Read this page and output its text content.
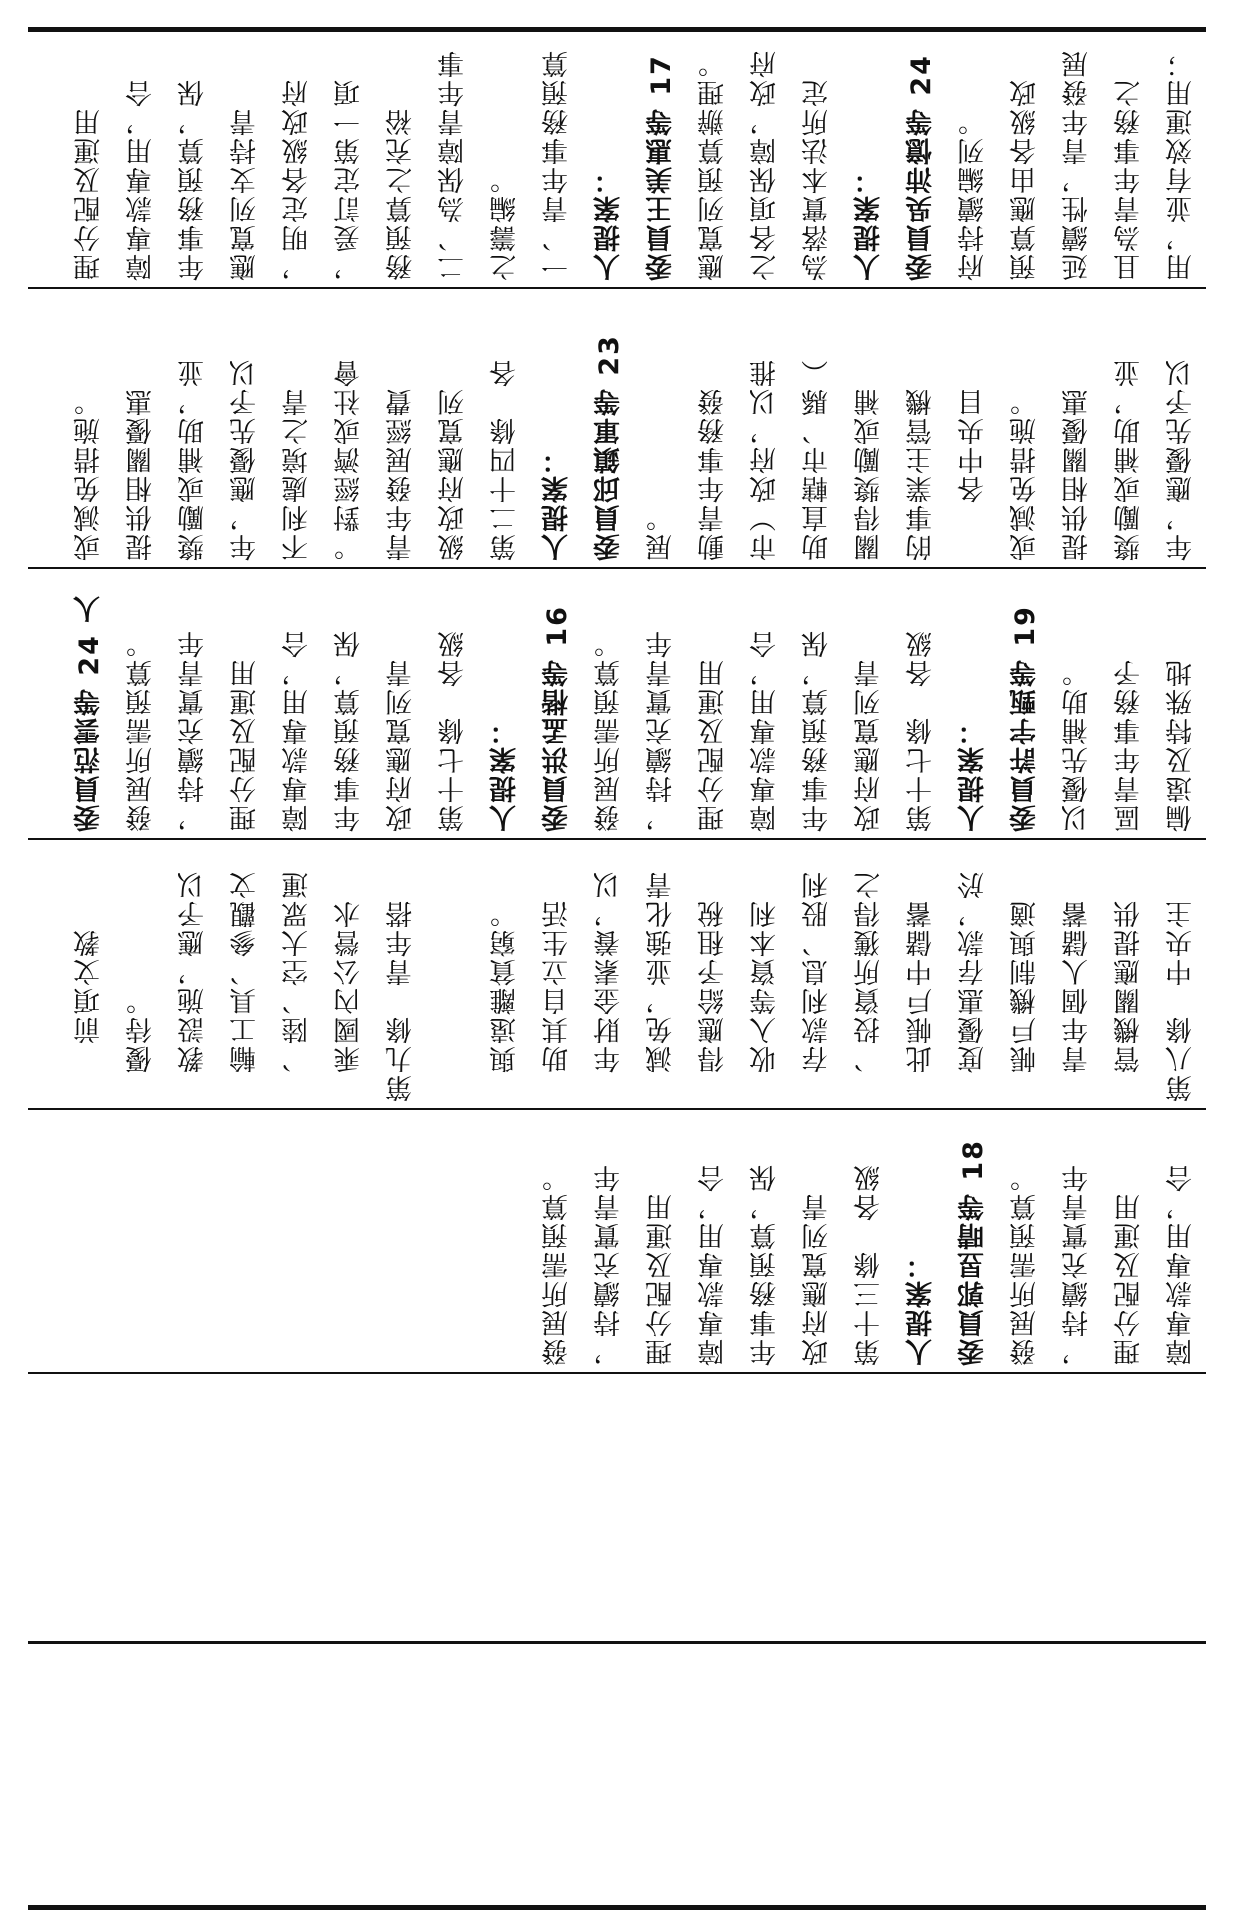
用，並有效運用；
且為青年事務之
延續性，青年發展
預算應由各級政
府持續編列。
委員吳沛憶等 24
人提案：
為落實本法所定
之各項保障，政府
應寬列預算辦理。
委員王美惠等 17
人提案：
一、青年事務預算
之籌編。
二、為保障青年事
務預算之充裕
，爰訂定第一項
，明定各級政府
應寬列支持青
年事務預算，保
障專款專用，合
理分配及運用
年，應優先予以
獎勵或補助，並
提供相關優惠
或減免措施。
　　各中央目
的事業主管機
關得獎勵或補
助直轄市、縣（
市）政府，以推
動青年事務發
展。
委員邱鎮軍等 23
人提案：
第二十四條　各
級政府應寬列
青年發展經費
。對經濟或社會
不利處境之青
年，應優先予以
獎勵或補助，並
提供相關優惠
或減免措施。
偏遠及特殊地
區青年事務予
以優先補助。
委員許宇甄等 19
人提案：
第十七條　各級
政府應寬列青
年事務預算，保
障專款專用，合
理分配及運用
，持續充實青年
發展所需預算。
委員洪孟楷等 16
人提案：
第十七條　各級
政府應寬列青
年事務預算，保
障專款專用，合
理分配及運用
，持續充實青年
發展所需預算。
委員范雲等 24 人
第八條　中央主
　管機關應提供
　青年個人儲蓄
　帳戶機制與適
　度優惠存款，於
　此帳戶中儲蓄
　、投資所獲得之
　存款利息、股利
　收入等資本利
　得應給予租稅
　減免，並強化青
　年財金素養，以
　助其自立生活
　與遠離貧窮。
第九條　青年搭
　乘國內公營水
　、陸、空大眾運
　輸工具、參觀文
　教設施，應予以
　優待。
　　前項文教
障專款專用，合
理分配及運用
，持續充實青年
發展所需預算。
委員郭昱晴等 18
人提案：
第十三條　各級
政府應寬列青
年事務預算，保
障專款專用，合
理分配及運用
，持續充實青年
發展所需預算。
